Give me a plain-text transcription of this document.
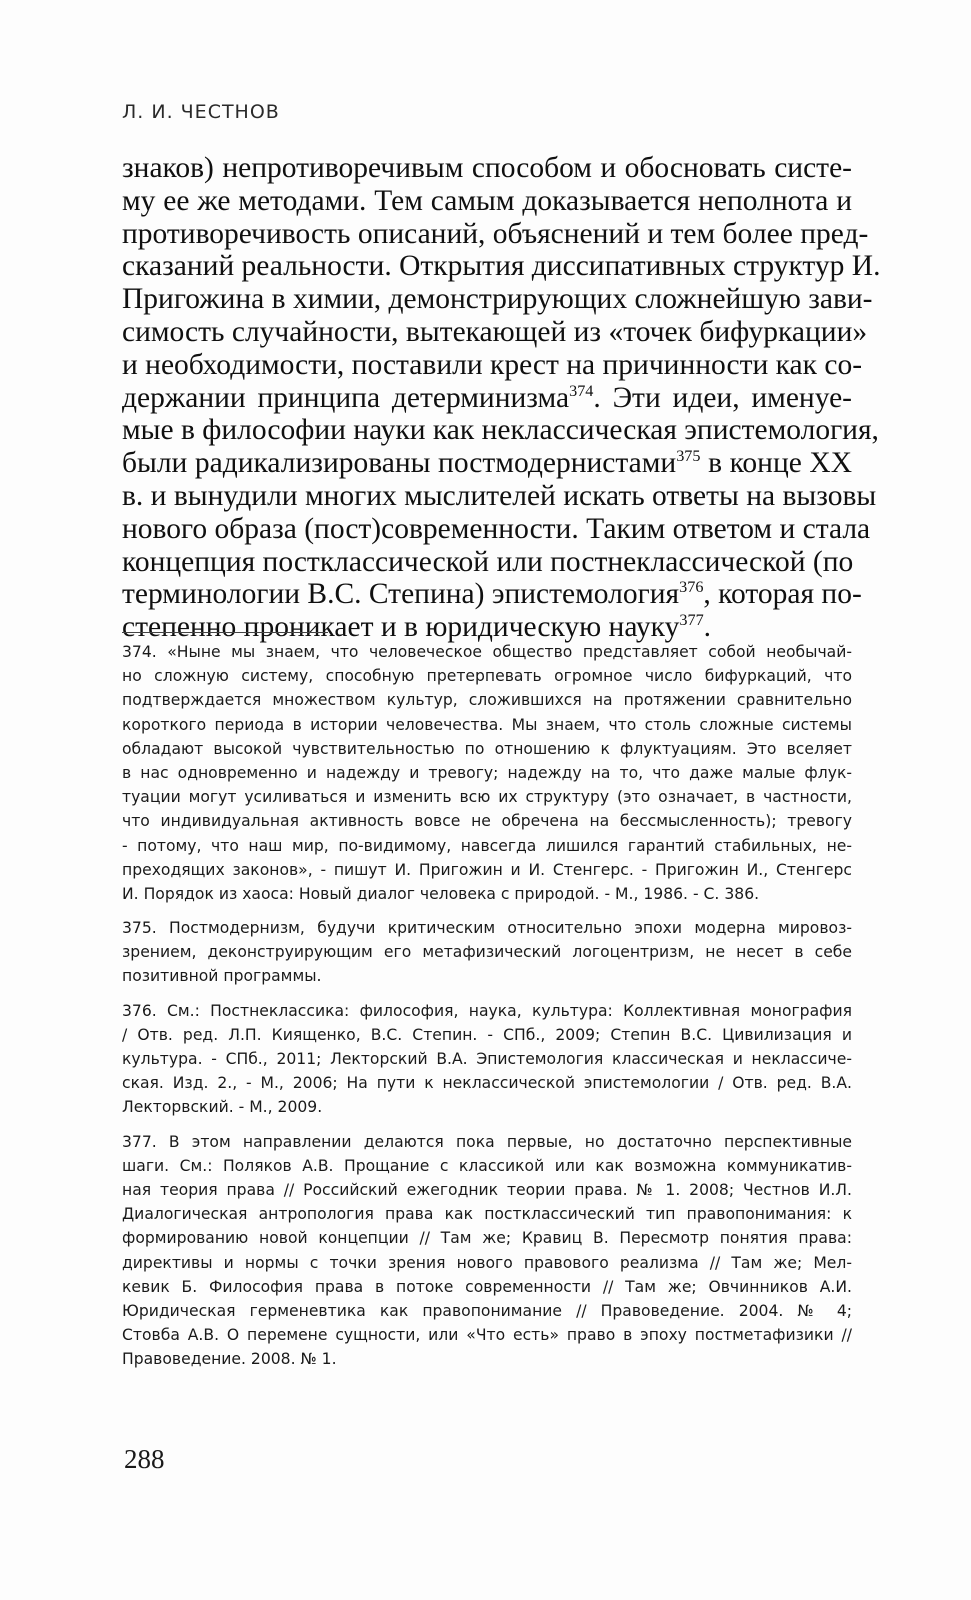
Л. И. ЧЕСТНОВ
знаков) непротиворечивым способом и обосновать систе-
му ее же методами. Тем самым доказывается неполнота и
противоречивость описаний, объяснений и тем более пред-
сказаний реальности. Открытия диссипативных структур И.
Пригожина в химии, демонстрирующих сложнейшую зави-
симость случайности, вытекающей из «точек бифуркации»
и необходимости, поставили крест на причинности как со-
держании принципа детерминизма$^{374}$. Эти идеи, именуе-
мые в философии науки как неклассическая эпистемология,
были радикализированы постмодернистами$^{375}$ в конце XX
в. и вынудили многих мыслителей искать ответы на вызовы
нового образа (пост)современности. Таким ответом и стала
концепция постклассической или постнеклассической (по
терминологии В.С. Степина) эпистемология$^{376}$, которая по-
степенно проникает и в юридическую науку$^{377}$.
374. «Ныне мы знаем, что человеческое общество представляет собой необычай-
но сложную систему, способную претерпевать огромное число бифуркаций, что
подтверждается множеством культур, сложившихся на протяжении сравнительно
короткого периода в истории человечества. Мы знаем, что столь сложные системы
обладают высокой чувствительностью по отношению к флуктуациям. Это вселяет
в нас одновременно и надежду и тревогу; надежду на то, что даже малые флук-
туации могут усиливаться и изменить всю их структуру (это означает, в частности,
что индивидуальная активность вовсе не обречена на бессмысленность); тревогу
- потому, что наш мир, по-видимому, навсегда лишился гарантий стабильных, не-
преходящих законов», - пишут И. Пригожин и И. Стенгерс. - Пригожин И., Стенгерс
И. Порядок из хаоса: Новый диалог человека с природой. - М., 1986. - С. 386.
375. Постмодернизм, будучи критическим относительно эпохи модерна мировоз-
зрением, деконструирующим его метафизический логоцентризм, не несет в себе
позитивной программы.
376. См.: Постнеклассика: философия, наука, культура: Коллективная монография
/ Отв. ред. Л.П. Киященко, В.С. Степин. - СПб., 2009; Степин В.С. Цивилизация и
культура. - СПб., 2011; Лекторский В.А. Эпистемология классическая и неклассиче-
ская. Изд. 2., - М., 2006; На пути к неклассической эпистемологии / Отв. ред. В.А.
Лекторвский. - М., 2009.
377. В этом направлении делаются пока первые, но достаточно перспективные
шаги. См.: Поляков А.В. Прощание с классикой или как возможна коммуникатив-
ная теория права // Российский ежегодник теории права. № 1. 2008; Честнов И.Л.
Диалогическая антропология права как постклассический тип правопонимания: к
формированию новой концепции // Там же; Кравиц В. Пересмотр понятия права:
директивы и нормы с точки зрения нового правового реализма // Там же; Мел-
кевик Б. Философия права в потоке современности // Там же; Овчинников А.И.
Юридическая герменевтика как правопонимание // Правоведение. 2004. № 4;
Стовба А.В. О перемене сущности, или «Что есть» право в эпоху постметафизики //
Правоведение. 2008. № 1.
288
